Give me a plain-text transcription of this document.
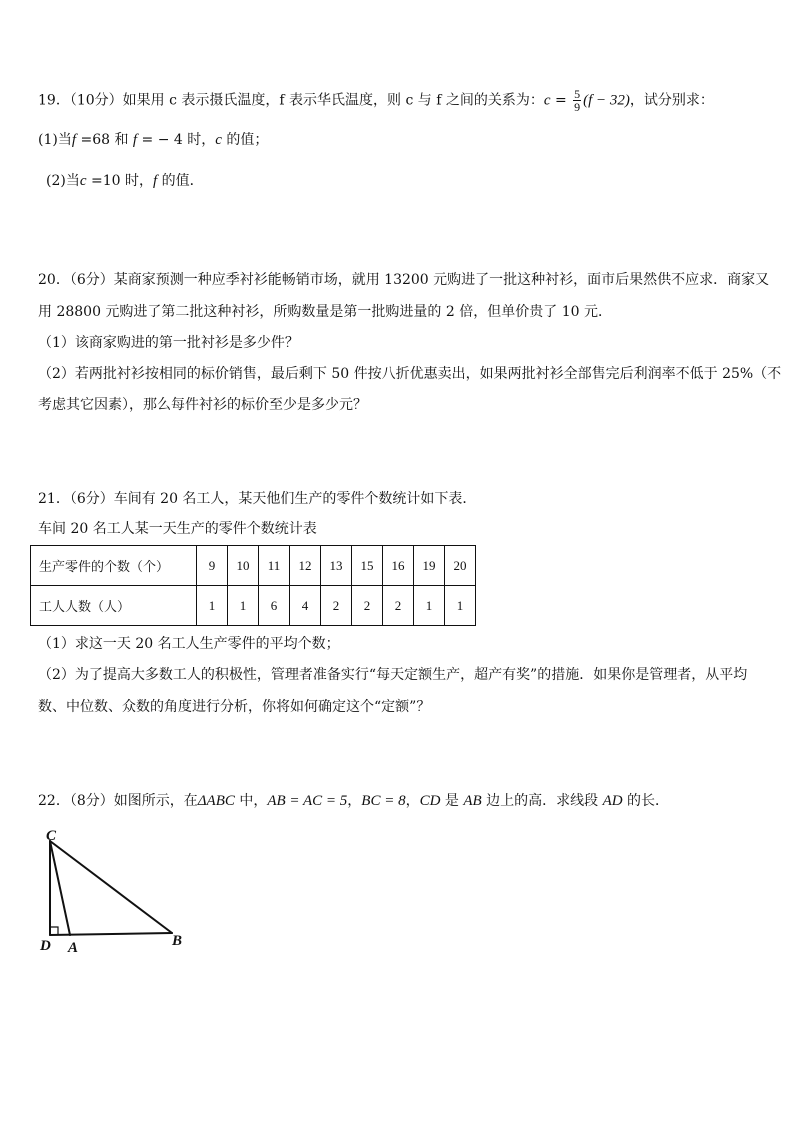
19．（10分）如果用 c 表示摄氏温度，f 表示华氏温度，则 c 与 f 之间的关系为：$c = \frac{5}{9} (f - 32)$，试分别求：
(1)当f =68 和 f = − 4 时，c 的值；
(2)当c =10 时，f 的值．
20．（6分）某商家预测一种应季衬衫能畅销市场，就用 13200 元购进了一批这种衬衫，面市后果然供不应求．商家又
用 28800 元购进了第二批这种衬衫，所购数量是第一批购进量的 2 倍，但单价贵了 10 元．
（1）该商家购进的第一批衬衫是多少件？
（2）若两批衬衫按相同的标价销售，最后剩下 50 件按八折优惠卖出，如果两批衬衫全部售完后利润率不低于 25%（不
考虑其它因素），那么每件衬衫的标价至少是多少元？
21．（6分）车间有 20 名工人，某天他们生产的零件个数统计如下表．
车间 20 名工人某一天生产的零件个数统计表
生产零件的个数（个）	9	10	11	12	13	15	16	19	20
工人人数（人）	1	1	6	4	2	2	2	1	1
（1）求这一天 20 名工人生产零件的平均个数；
（2）为了提高大多数工人的积极性，管理者准备实行“每天定额生产，超产有奖”的措施．如果你是管理者，从平均
数、中位数、众数的角度进行分析，你将如何确定这个“定额”？
22．（8分）如图所示，在ΔABC 中，AB = AC = 5，BC = 8，CD 是 AB 边上的高．求线段 AD 的长．
C
D A	B
